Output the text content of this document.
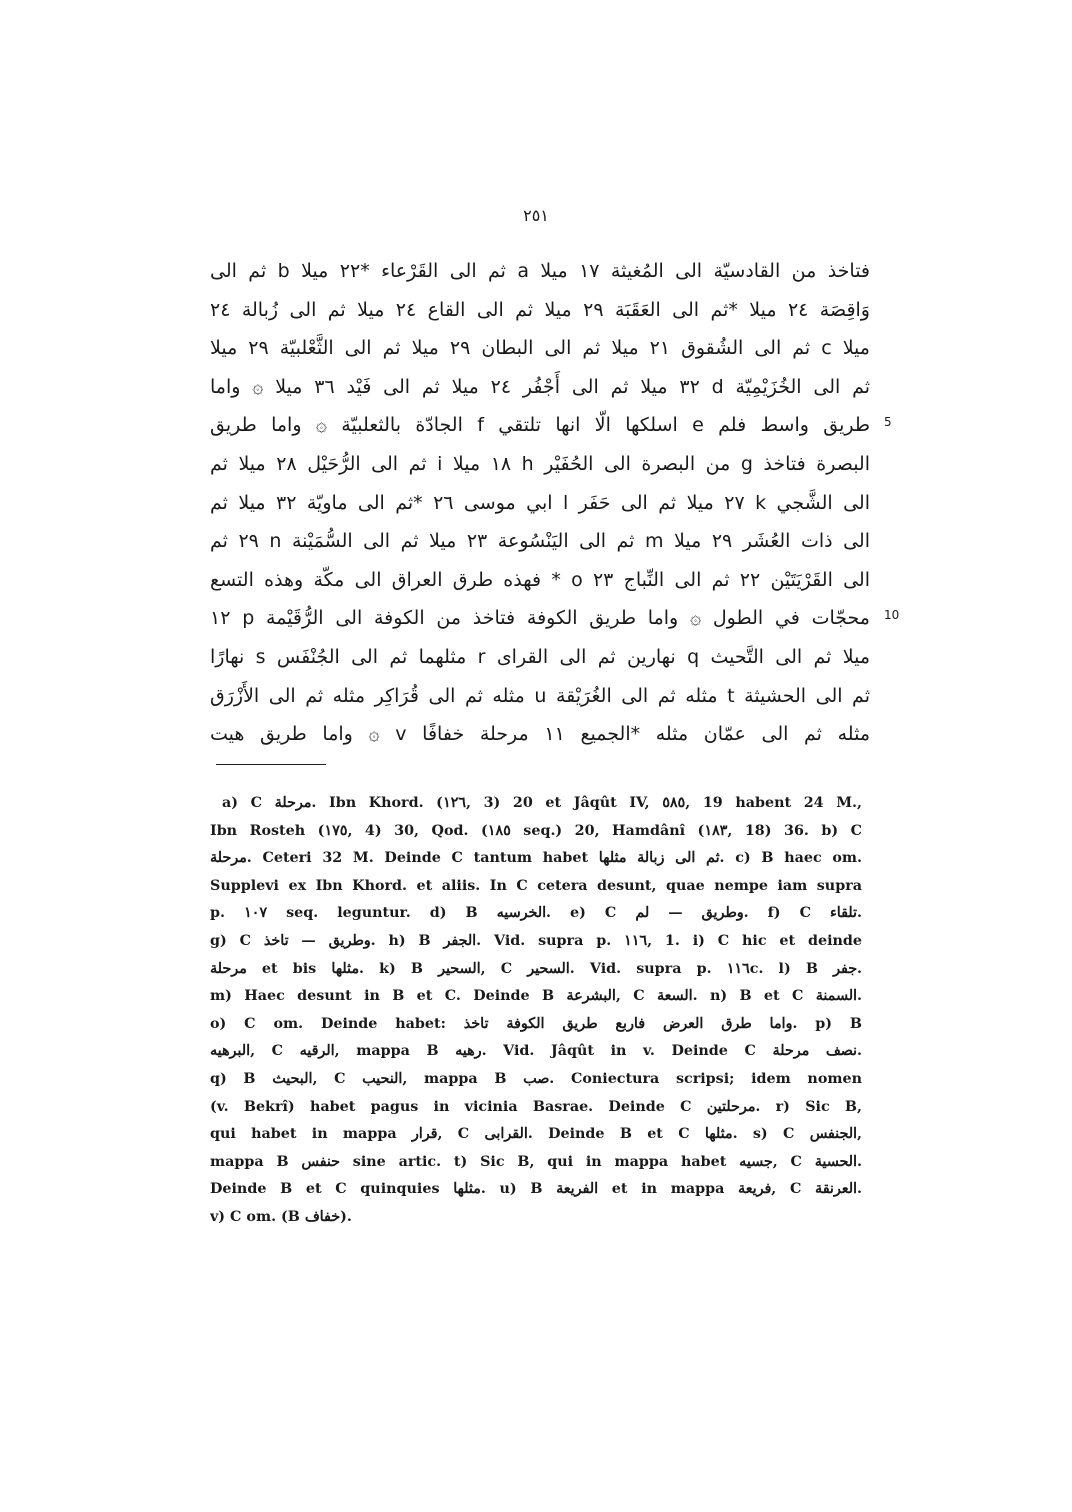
٢٥١
فتاخذ من القادسيّة الى المُغيثة ١٧ ميلا a ثم الى القَرْعاء *٢٢ ميلا b ثم الى
وَاقِصَة ٢٤ ميلا *ثم الى العَقَبَة ٢٩ ميلا ثم الى القاع ٢٤ ميلا ثم الى زُبالة ٢٤
ميلا c ثم الى الشُقوق ٢١ ميلا ثم الى البطان ٢٩ ميلا ثم الى الثَّعْلبيّة ٢٩ ميلا
ثم الى الخُزَيْمِيّة d ٣٢ ميلا ثم الى أَجْفُر ٢٤ ميلا ثم الى فَيْد ٣٦ ميلا ۞ واما
طريق واسط فلم e اسلكها الّا انها تلتقي f الجادّة بالثعلبيّة ۞ واما طريق
البصرة فتاخذ g من البصرة الى الحُفَيْر h ١٨ ميلا i ثم الى الرُّحَيْل ٢٨ ميلا ثم
الى الشَّجي k ٢٧ ميلا ثم الى حَفَر l ابي موسى ٢٦ *ثم الى ماويّة ٣٢ ميلا ثم
الى ذات العُشَر ٢٩ ميلا m ثم الى اليَنْسُوعة ٢٣ ميلا ثم الى السُّمَيْنة n ٢٩ ثم
الى القَرْيَتَيْن ٢٢ ثم الى النِّباج ٢٣ o * فهذه طرق العراق الى مكّة وهذه التسع
محجّات في الطول ۞ واما طريق الكوفة فتاخذ من الكوفة الى الرُّقَيْمة p ١٢
ميلا ثم الى التَّحيث q نهارين ثم الى القراى r مثلهما ثم الى الجُنْفَس s نهارًا
ثم الى الحشيثة t مثله ثم الى الغُرَيْقة u مثله ثم الى قُرَاكِر مثله ثم الى الأَزْرَق
مثله ثم الى عمّان مثله *الجميع ١١ مرحلة خفافًا v ۞ واما طريق هيت
5
10
a) C مرحلة. Ibn Khord. (١٢٦, 3) 20 et Jâqût IV, ٥٨٥, 19 habent 24 M.,
Ibn Rosteh (١٧٥, 4) 30, Qod. (١٨٥ seq.) 20, Hamdânî (١٨٣, 18) 36. b) C
مرحلة. Ceteri 32 M. Deinde C tantum habet ثم الى زبالة مثلها. c) B haec om.
Supplevi ex Ibn Khord. et aliis. In C cetera desunt, quae nempe iam supra
p. ١٠٧ seq. leguntur. d) B الخرسيه. e) C وطريق — لم. f) C تلقاء.
g) C وطريق — تاخذ. h) B الجفر. Vid. supra p. ١١٦, 1. i) C hic et deinde
مرحلة et bis مثلها. k) B السحير, C السحير. Vid. supra p. ١١٦c. l) B جفر.
m) Haec desunt in B et C. Deinde B البشرعة, C السعة. n) B et C السمنة.
o) C om. Deinde habet: واما طرق العرض فاربع طريق الكوفة تاخذ. p) B
البرهيه, C الرقيه, mappa B رهيه. Vid. Jâqût in v. Deinde C نصف مرحلة.
q) B البحيث, C النحيب, mappa B صب. Coniectura scripsi; idem nomen
(v. Bekrî) habet pagus in vicinia Basrae. Deinde C مرحلتين. r) Sic B,
qui habet in mappa قرار, C القرابى. Deinde B et C مثلها. s) C الجنفس,
mappa B حنفس sine artic. t) Sic B, qui in mappa habet جسيه, C الحسية.
Deinde B et C quinquies مثلها. u) B الفريعة et in mappa فريعة, C العرنقة.
v) C om. (B خفاف).
